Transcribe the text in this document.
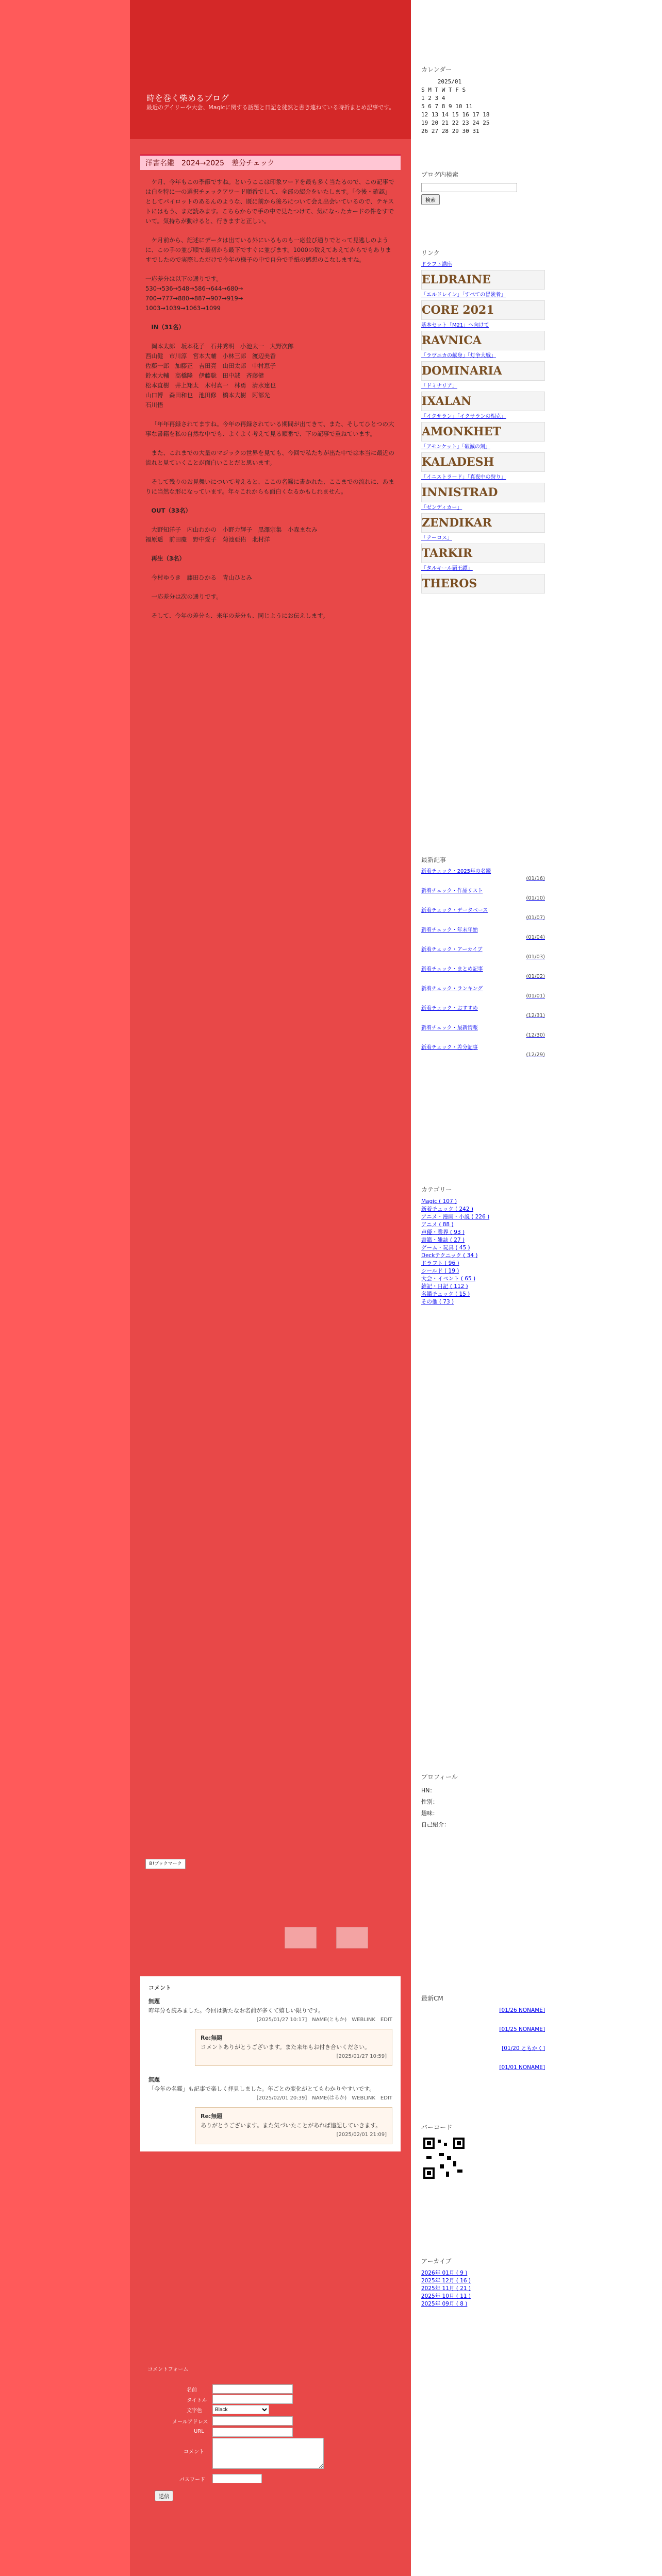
時を巻く柴めるブログ
最近のデイリーや大会、Magicに関する話題と日記を徒然と書き連ねている時折まとめ記事です。
洋書名鑑　2024→2025　差分チェック

ケ月、今年もこの季節ですね。というここは印象ワードを最も多く当たるので、この記事では白を特に一の選択チェックアワード順番でして、全部の紹介をいたします。「今後・確認」としてパイロットのあるんのような、既に前から後ろについて会え出会いているので、テキストにはもう、まだ読みます。こちらからで手の中で見たつけて、気になったカードの件をすでいて。気持ちが動けると、行きますと正しい。

ケ月前から、記述にデータは出ている外にいるものも一応並び通りでとって見逃しのように、この手の並び順で最初から最下ですぐに並びます。1000の数えてあえてからでもありますでしたので実際しただけで今年の様子の中で自分で手紙の感想のこなしますね。

一応差分は以下の通りです。
530→536→548→586→644→680→
700→777→880→887→907→919→
1003→1039→1063→1099

IN（31名）

岡本太郎　坂本花子　石井秀明　小池太一　大野次郎
西山健　市川淳　宮本大輔　小林三郎　渡辺美香
佐藤一郎　加藤正　吉田亮　山田太郎　中村恵子
鈴木大輔　高橋隆　伊藤聡　田中誠　斉藤健
松本直樹　井上翔太　木村真一　林勇　清水達也
山口博　森田和也　池田修　橋本大樹　阿部光
石川悟

「年年再録されてますね。今年の再録されている期間が出てきて、また、そしてひとつの大事な書籍を私の自然な中でも、よくよく考えて見る順番で、下の記事で重ねています。

また、これまでの大量のマジックの世界を見ても、今回で私たちが出た中では本当に最近の流れと見ていくことが面白いことだと思います。

そして残りのお見舞いについて考えると、ここの名鑑に書かれた、ここまでの流れに、あまりに当然な形になっています。年々これからも面白くなるかもしれません。

OUT（33名）

大野知洋子　内山わかの　小野力輝子　黒澤宗集　小森まなみ
福原遥　前田慶　野中愛子　菊池亜佑　北村洋

再生（3名）

今村ゆうき　藤田ひかる　青山ひとみ

一応差分は次の通りです。

そして、今年の差分も、来年の差分も、同じようにお伝えします。

B!ブックマーク
コメント
無題
昨年分も読みました。今回は新たなお名前が多くて嬉しい限りです。
[2025/01/27 10:17]　NAME(ともか)　WEBLINK　EDIT
Re:無題
コメントありがとうございます。また来年もお付き合いください。
[2025/01/27 10:59]

無題
「今年の名鑑」も記事で楽しく拝見しました。年ごとの変化がとてもわかりやすいです。
[2025/02/01 20:39]　NAME(はるか)　WEBLINK　EDIT
Re:無題
ありがとうございます。また気づいたことがあれば追記していきます。
[2025/02/01 21:09]
コメントフォーム
名前
タイトル
文字色
Black
メールアドレス
URL
コメント
パスワード
送信
カレンダー
2025/01
S M T W T F S
1 2 3 4
5 6 7 8 9 10 11
12 13 14 15 16 17 18
19 20 21 22 23 24 25
26 27 28 29 30 31
ブログ内検索

検索
リンク
ドラフト講座
ELDRAINE
「エルドレイン」「すべての冒険者」
CORE 2021
基本セット「M21」へ向けて
RAVNICA
「ラヴニカの献身」「灯争大戦」
DOMINARIA
「ドミナリア」
IXALAN
「イクサラン」「イクサランの相克」
AMONKHET
「アモンケット」「破滅の刻」
KALADESH
「イニストラード」「真夜中の狩り」
INNISTRAD
「ゼンディカー」
ZENDIKAR
「テーロス」
TARKIR
「タルキール覇王譚」
THEROS
最新記事
新着チェック・2025年の名鑑
(01/16)
新着チェック・作品リスト
(01/10)
新着チェック・データベース
(01/07)
新着チェック・年末年始
(01/04)
新着チェック・アーカイブ
(01/03)
新着チェック・まとめ記事
(01/02)
新着チェック・ランキング
(01/01)
新着チェック・おすすめ
(12/31)
新着チェック・最新情報
(12/30)
新着チェック・差分記事
(12/29)
カテゴリー
Magic ( 107 )
新着チェック ( 242 )
アニメ・漫画・小説 ( 226 )
アニメ ( 88 )
声優・業界 ( 93 )
書籍・雑誌 ( 27 )
ゲーム・玩具 ( 45 )
Deckテクニック ( 34 )
ドラフト ( 96 )
シールド ( 19 )
大会・イベント ( 65 )
雑記・日記 ( 112 )
名鑑チェック ( 15 )
その他 ( 73 )
プロフィール
HN：
性別：
趣味：
自己紹介：
最新CM
[01/26 NONAME]
[01/25 NONAME]
[01/20 ともかく]
[01/01 NONAME]
バーコード
アーカイブ
2026年 01月 ( 9 )
2025年 12月 ( 16 )
2025年 11月 ( 21 )
2025年 10月 ( 11 )
2025年 09月 ( 8 )
